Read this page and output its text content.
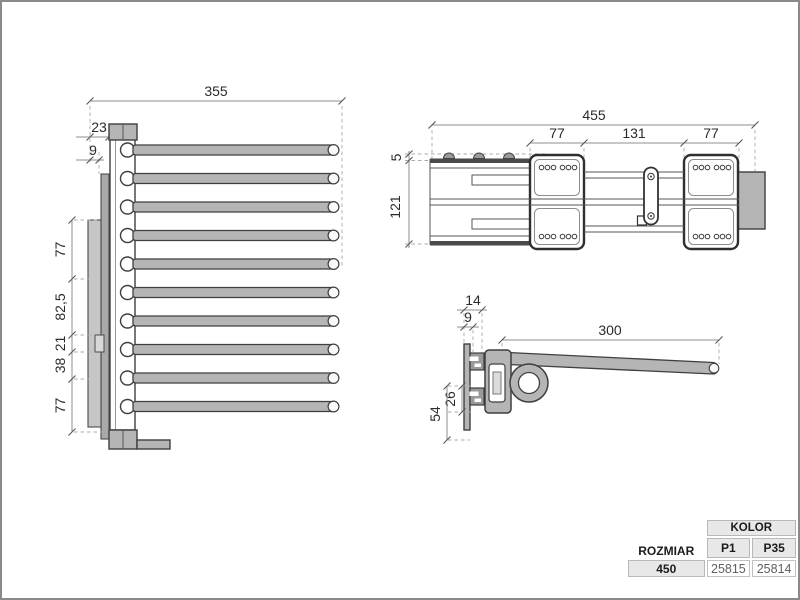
355
23
9
77
82,5
21
38
77
455
77	131	77
5
121
14
9
300
26
54
	KOLOR	
ROZMIAR	P1	P35
450	25815	25814
